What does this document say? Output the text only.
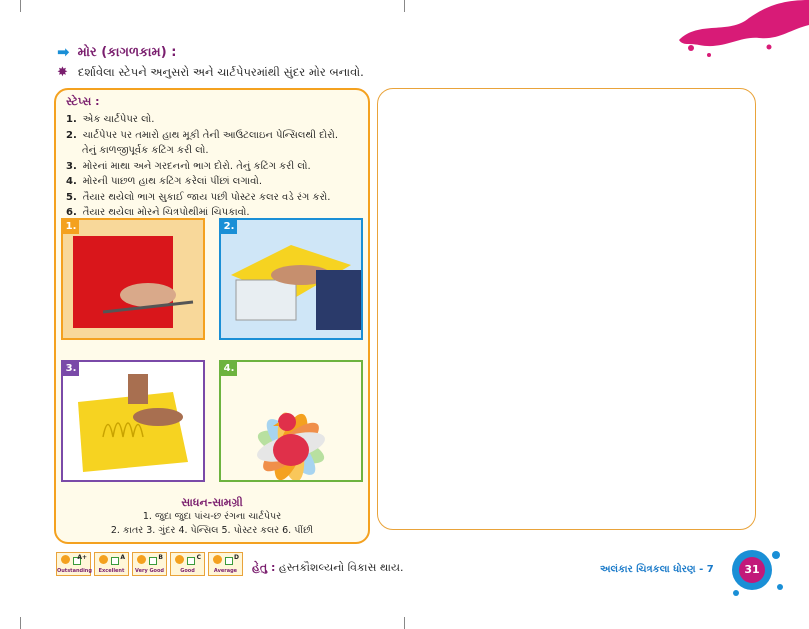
➡ મોર (કાગળકામ) :
✸ દર્શાવેલા સ્ટેપને અનુસરો અને ચાર્ટપેપરમાંથી સુંદર મોર બનાવો.
સ્ટેપ્સ :
1. એક ચાર્ટપેપર લો.
2. ચાર્ટપેપર પર તમારો હાથ મૂકી તેની આઉટલાઇન પેન્સિલથી દોરો.
તેનું કાળજીપૂર્વક કટિંગ કરી લો.
3. મોરનાં માથા અને ગરદનનો ભાગ દોરો. તેનું કટિંગ કરી લો.
4. મોરની પાછળ હાથ કટિંગ કરેલાં પીંછાં લગાવો.
5. તૈયાર થયેલો ભાગ સુકાઈ જાય પછી પોસ્ટર કલર વડે રંગ કરો.
6. તૈયાર થયેલા મોરને ચિત્રપોથીમાં ચિપકાવો.
1.	2.
3.	4.
સાધન-સામગ્રી
1. જુદા જુદા પાંચ-છ રંગના ચાર્ટપેપર
2. કાતર 3. ગુંદર 4. પેન્સિલ 5. પોસ્ટર કલર 6. પીંછી
A+
Outstanding
A
Excellent
B
Very Good
C
Good
D
Average	હેતુ : હસ્તકૌશલ્યનો વિકાસ થાય.	અલંકાર ચિત્રકલા ધોરણ - 7	31
